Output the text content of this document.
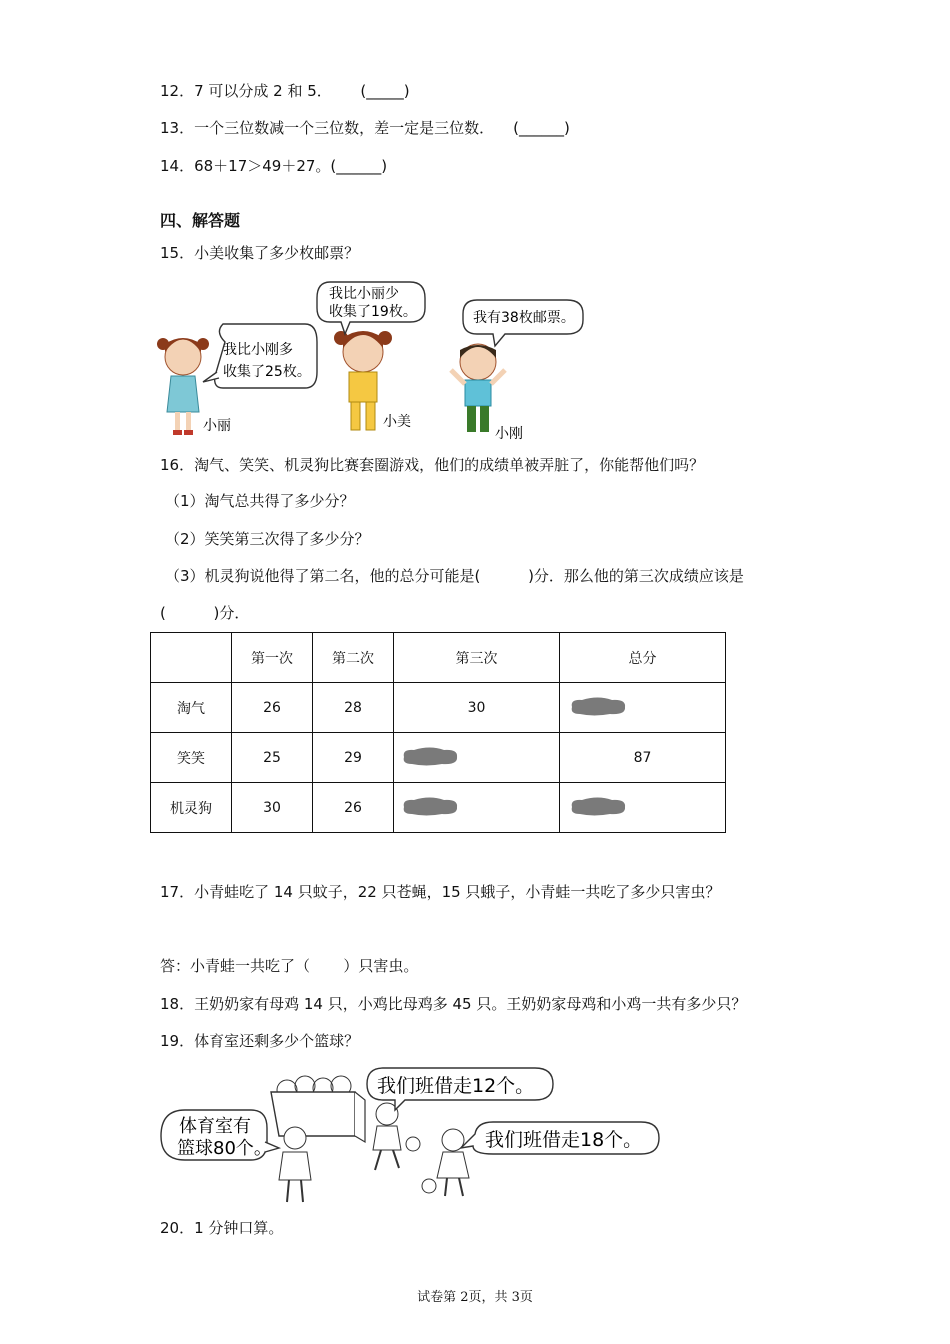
12．7 可以分成 2 和 5．      (_____)
13．一个三位数减一个三位数，差一定是三位数．    (______)
14．68＋17＞49＋27。(______)
四、解答题
15．小美收集了多少枚邮票？
我比小刚多
收集了25枚。
小丽
我比小丽少
收集了19枚。
小美
我有38枚邮票。
小刚
16．淘气、笑笑、机灵狗比赛套圈游戏，他们的成绩单被弄脏了，你能帮他们吗？
（1）淘气总共得了多少分？
（2）笑笑第三次得了多少分？
（3）机灵狗说他得了第二名，他的总分可能是(          )分．那么他的第三次成绩应该是
(          )分．
	第一次	第二次	第三次	总分
淘气	26	28	30	
笑笑	25	29		87
机灵狗	30	26		
17．小青蛙吃了 14 只蚊子，22 只苍蝇，15 只蛾子，小青蛙一共吃了多少只害虫？
答：小青蛙一共吃了（       ）只害虫。
18．王奶奶家有母鸡 14 只，小鸡比母鸡多 45 只。王奶奶家母鸡和小鸡一共有多少只？
19．体育室还剩多少个篮球？
体育室有
篮球80个。
我们班借走12个。
我们班借走18个。
20．1 分钟口算。
试卷第 2页，共 3页
